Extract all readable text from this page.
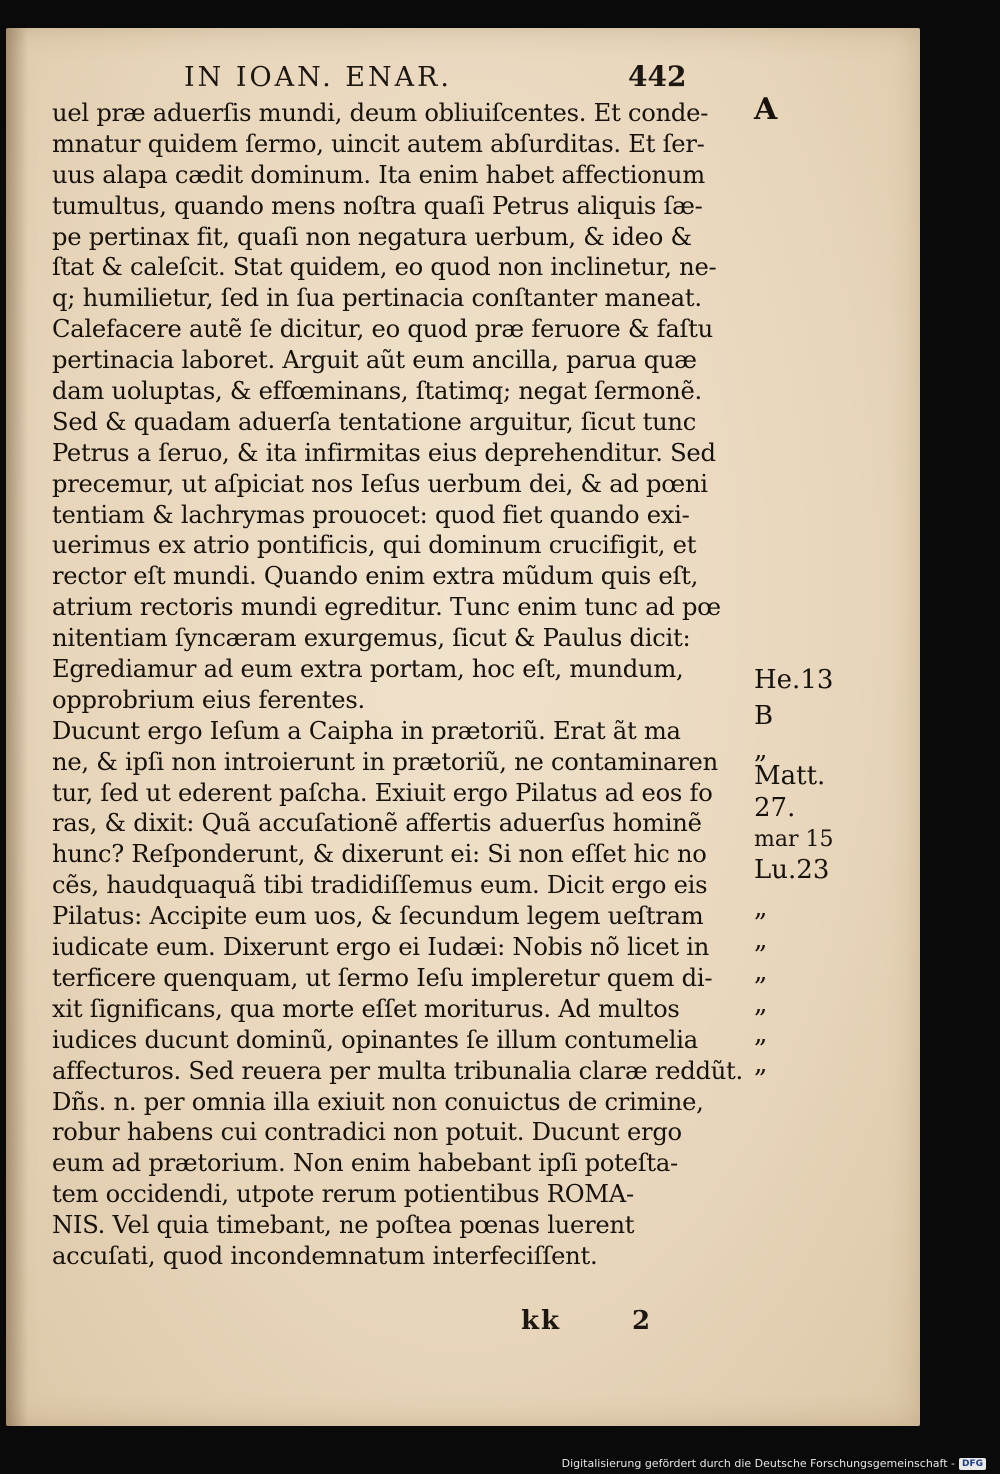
IN IOAN. ENAR.	442
uel præ aduerſis mundi, deum obliuiſcentes. Et conde-
mnatur quidem ſermo, uincit autem abſurditas. Et ſer-
uus alapa cædit dominum. Ita enim habet affectionum
tumultus, quando mens noſtra quaſi Petrus aliquis ſæ-
pe pertinax fit, quaſi non negatura uerbum, & ideo &
ſtat & caleſcit. Stat quidem, eo quod non inclinetur, ne-
q; humilietur, ſed in ſua pertinacia conſtanter maneat.
Calefacere autẽ ſe dicitur, eo quod præ feruore & faſtu
pertinacia laboret. Arguit aũt eum ancilla, parua quæ
dam uoluptas, & effœminans, ſtatimq; negat ſermonẽ.
Sed & quadam aduerſa tentatione arguitur, ſicut tunc
Petrus a ſeruo, & ita infirmitas eius deprehenditur. Sed
precemur, ut aſpiciat nos Ieſus uerbum dei, & ad pœni
tentiam & lachrymas prouocet: quod fiet quando exi-
uerimus ex atrio pontificis, qui dominum crucifigit, et
rector eſt mundi. Quando enim extra mũdum quis eſt,
atrium rectoris mundi egreditur. Tunc enim tunc ad pœ
nitentiam ſyncæram exurgemus, ſicut & Paulus dicit:
Egrediamur ad eum extra portam, hoc eſt, mundum,
opprobrium eius ferentes.
Ducunt ergo Ieſum a Caipha in prætoriũ. Erat ãt ma
ne, & ipſi non introierunt in prætoriũ, ne contaminaren
tur, ſed ut ederent paſcha. Exiuit ergo Pilatus ad eos fo
ras, & dixit: Quã accuſationẽ affertis aduerſus hominẽ
hunc? Reſponderunt, & dixerunt ei: Si non eſſet hic no
cẽs, haudquaquã tibi tradidiſſemus eum. Dicit ergo eis
Pilatus: Accipite eum uos, & ſecundum legem ueſtram
iudicate eum. Dixerunt ergo ei Iudæi: Nobis nõ licet in
terficere quenquam, ut ſermo Ieſu impleretur quem di-
xit ſignificans, qua morte eſſet moriturus. Ad multos
iudices ducunt dominũ, opinantes ſe illum contumelia
affecturos. Sed reuera per multa tribunalia claræ reddũt.
Dñs. n. per omnia illa exiuit non conuictus de crimine,
robur habens cui contradici non potuit. Ducunt ergo
eum ad prætorium. Non enim habebant ipſi poteſta-
tem occidendi, utpote rerum potientibus ROMA-
NIS. Vel quia timebant, ne poſtea pœnas luerent
accuſati, quod incondemnatum interfeciſſent.
A
He.13
B
„
Matt.
27.
mar 15
Lu.23
„
„
„
„
„
„
kk	2
Digitalisierung gefördert durch die Deutsche Forschungsgemeinschaft - DFG
